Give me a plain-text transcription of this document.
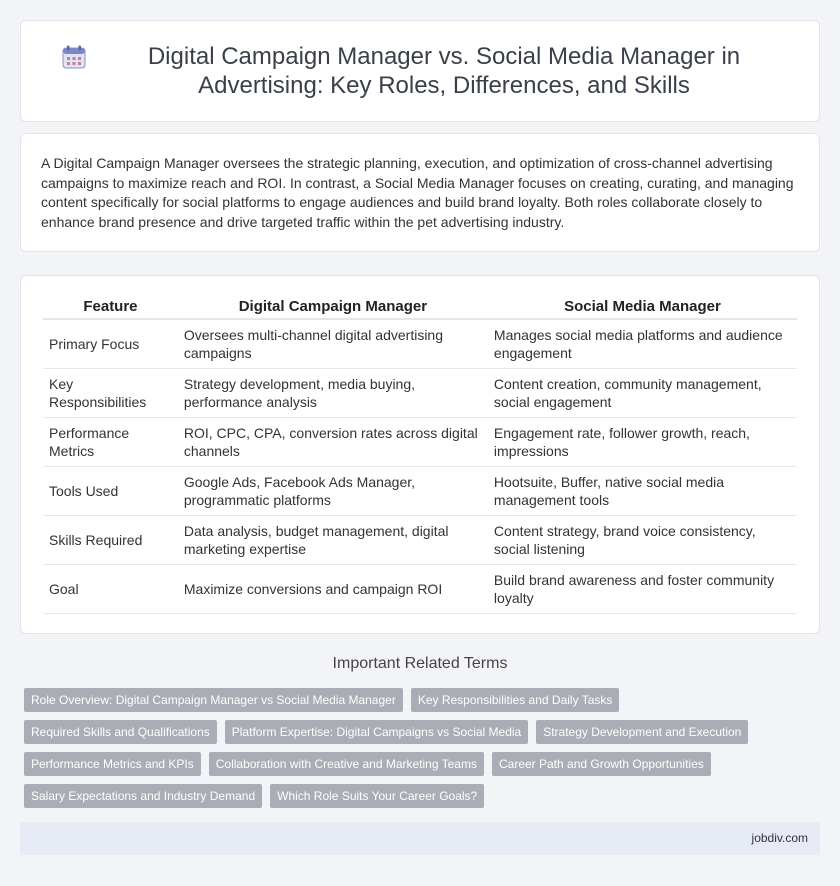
Digital Campaign Manager vs. Social Media Manager in Advertising: Key Roles, Differences, and Skills

A Digital Campaign Manager oversees the strategic planning, execution, and optimization of cross-channel advertising campaigns to maximize reach and ROI. In contrast, a Social Media Manager focuses on creating, curating, and managing content specifically for social platforms to engage audiences and build brand loyalty. Both roles collaborate closely to enhance brand presence and drive targeted traffic within the pet advertising industry.

Feature	Digital Campaign Manager	Social Media Manager
Primary Focus	Oversees multi-channel digital advertising campaigns	Manages social media platforms and audience engagement
Key Responsibilities	Strategy development, media buying, performance analysis	Content creation, community management, social engagement
Performance Metrics	ROI, CPC, CPA, conversion rates across digital channels	Engagement rate, follower growth, reach, impressions
Tools Used	Google Ads, Facebook Ads Manager, programmatic platforms	Hootsuite, Buffer, native social media management tools
Skills Required	Data analysis, budget management, digital marketing expertise	Content strategy, brand voice consistency, social listening
Goal	Maximize conversions and campaign ROI	Build brand awareness and foster community loyalty
Important Related Terms
Role Overview: Digital Campaign Manager vs Social Media Manager	Key Responsibilities and Daily Tasks
Required Skills and Qualifications	Platform Expertise: Digital Campaigns vs Social Media	Strategy Development and Execution
Performance Metrics and KPIs	Collaboration with Creative and Marketing Teams	Career Path and Growth Opportunities
Salary Expectations and Industry Demand	Which Role Suits Your Career Goals?
jobdiv.com
